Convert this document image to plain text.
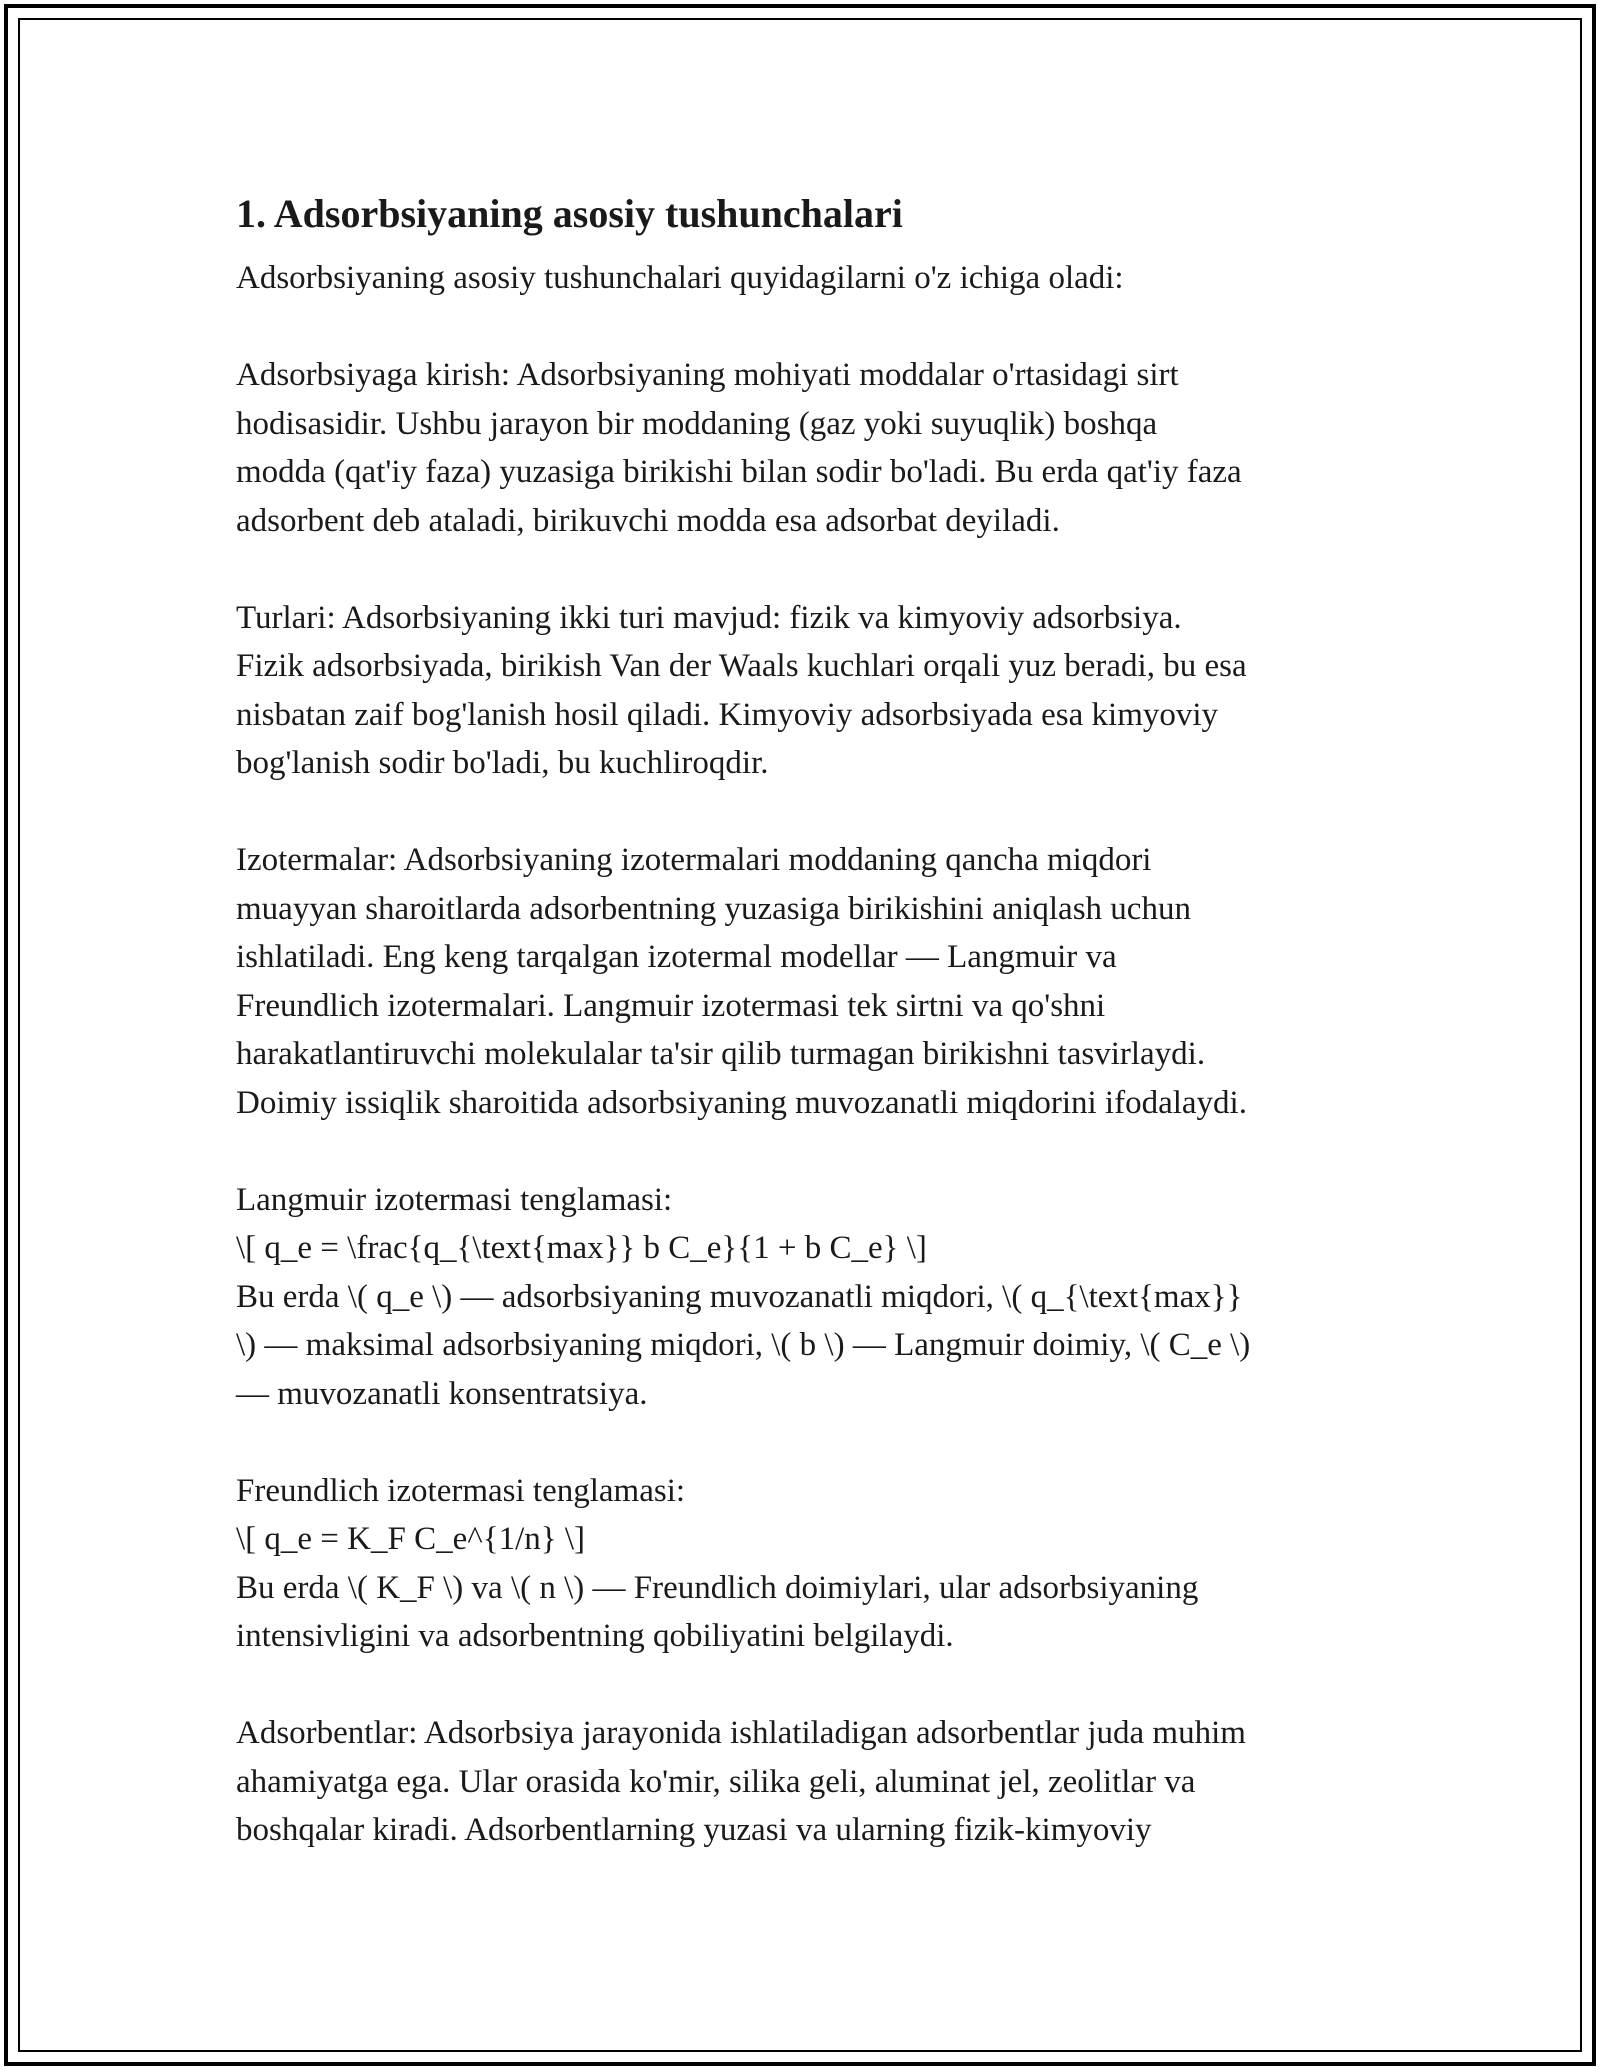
1. Adsorbsiyaning asosiy tushunchalari
Adsorbsiyaning asosiy tushunchalari quyidagilarni o'z ichiga oladi:
Adsorbsiyaga kirish: Adsorbsiyaning mohiyati moddalar o'rtasidagi sirt
hodisasidir. Ushbu jarayon bir moddaning (gaz yoki suyuqlik) boshqa
modda (qat'iy faza) yuzasiga birikishi bilan sodir bo'ladi. Bu erda qat'iy faza
adsorbent deb ataladi, birikuvchi modda esa adsorbat deyiladi.
Turlari: Adsorbsiyaning ikki turi mavjud: fizik va kimyoviy adsorbsiya.
Fizik adsorbsiyada, birikish Van der Waals kuchlari orqali yuz beradi, bu esa
nisbatan zaif bog'lanish hosil qiladi. Kimyoviy adsorbsiyada esa kimyoviy
bog'lanish sodir bo'ladi, bu kuchliroqdir.
Izotermalar: Adsorbsiyaning izotermalari moddaning qancha miqdori
muayyan sharoitlarda adsorbentning yuzasiga birikishini aniqlash uchun
ishlatiladi. Eng keng tarqalgan izotermal modellar — Langmuir va
Freundlich izotermalari. Langmuir izotermasi tek sirtni va qo'shni
harakatlantiruvchi molekulalar ta'sir qilib turmagan birikishni tasvirlaydi.
Doimiy issiqlik sharoitida adsorbsiyaning muvozanatli miqdorini ifodalaydi.
Langmuir izotermasi tenglamasi:
\[ q_e = \frac{q_{\text{max}} b C_e}{1 + b C_e} \]
Bu erda \( q_e \) — adsorbsiyaning muvozanatli miqdori, \( q_{\text{max}}
\) — maksimal adsorbsiyaning miqdori, \( b \) — Langmuir doimiy, \( C_e \)
— muvozanatli konsentratsiya.
Freundlich izotermasi tenglamasi:
\[ q_e = K_F C_e^{1/n} \]
Bu erda \( K_F \) va \( n \) — Freundlich doimiylari, ular adsorbsiyaning
intensivligini va adsorbentning qobiliyatini belgilaydi.
Adsorbentlar: Adsorbsiya jarayonida ishlatiladigan adsorbentlar juda muhim
ahamiyatga ega. Ular orasida ko'mir, silika geli, aluminat jel, zeolitlar va
boshqalar kiradi. Adsorbentlarning yuzasi va ularning fizik-kimyoviy
